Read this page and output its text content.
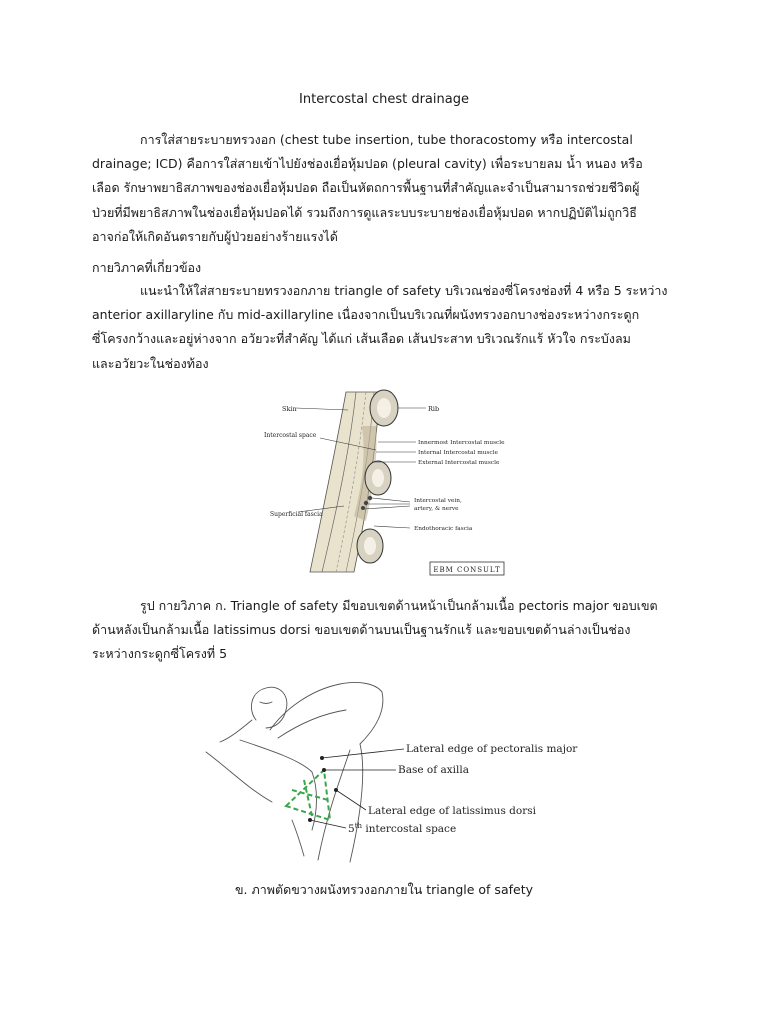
Intercostal chest drainage
การใส่สายระบายทรวงอก (chest tube insertion, tube thoracostomy หรือ intercostal
drainage; ICD) คือการใส่สายเข้าไปยังช่องเยื่อหุ้มปอด (pleural cavity) เพื่อระบายลม น้ำ หนอง หรือ
เลือด รักษาพยาธิสภาพของช่องเยื่อหุ้มปอด ถือเป็นหัตถการพื้นฐานที่สำคัญและจำเป็นสามารถช่วยชีวิตผู้
ป่วยที่มีพยาธิสภาพในช่องเยื่อหุ้มปอดได้ รวมถึงการดูแลระบบระบายช่องเยื่อหุ้มปอด หากปฏิบัติไม่ถูกวิธี
อาจก่อให้เกิดอันตรายกับผู้ป่วยอย่างร้ายแรงได้
กายวิภาคที่เกี่ยวข้อง
แนะนำให้ใส่สายระบายทรวงอกภาย triangle of safety บริเวณช่องซี่โครงช่องที่ 4 หรือ 5 ระหว่าง
anterior axillaryline กับ mid-axillaryline เนื่องจากเป็นบริเวณที่ผนังทรวงอกบางช่องระหว่างกระดูก
ซี่โครงกว้างและอยู่ห่างจาก อวัยวะที่สำคัญ ได้แก่ เส้นเลือด เส้นประสาท บริเวณรักแร้ หัวใจ กระบังลม
และอวัยวะในช่องท้อง
Skin	Rib
Intercostal space
Innermost Intercostal muscle
Internal Intercostal muscle
External Intercostal muscle
Superficial fascia
Intercostal vein,
artery, & nerve
Endothoracic fascia
EBM CONSULT
รูป กายวิภาค ก. Triangle of safety มีขอบเขตด้านหน้าเป็นกล้ามเนื้อ pectoris major ขอบเขต
ด้านหลังเป็นกล้ามเนื้อ latissimus dorsi ขอบเขตด้านบนเป็นฐานรักแร้ และขอบเขตด้านล่างเป็นช่อง
ระหว่างกระดูกซี่โครงที่ 5
Lateral edge of pectoralis major
Base of axilla
Lateral edge of latissimus dorsi
5th intercostal space
ข. ภาพตัดขวางผนังทรวงอกภายใน triangle of safety
